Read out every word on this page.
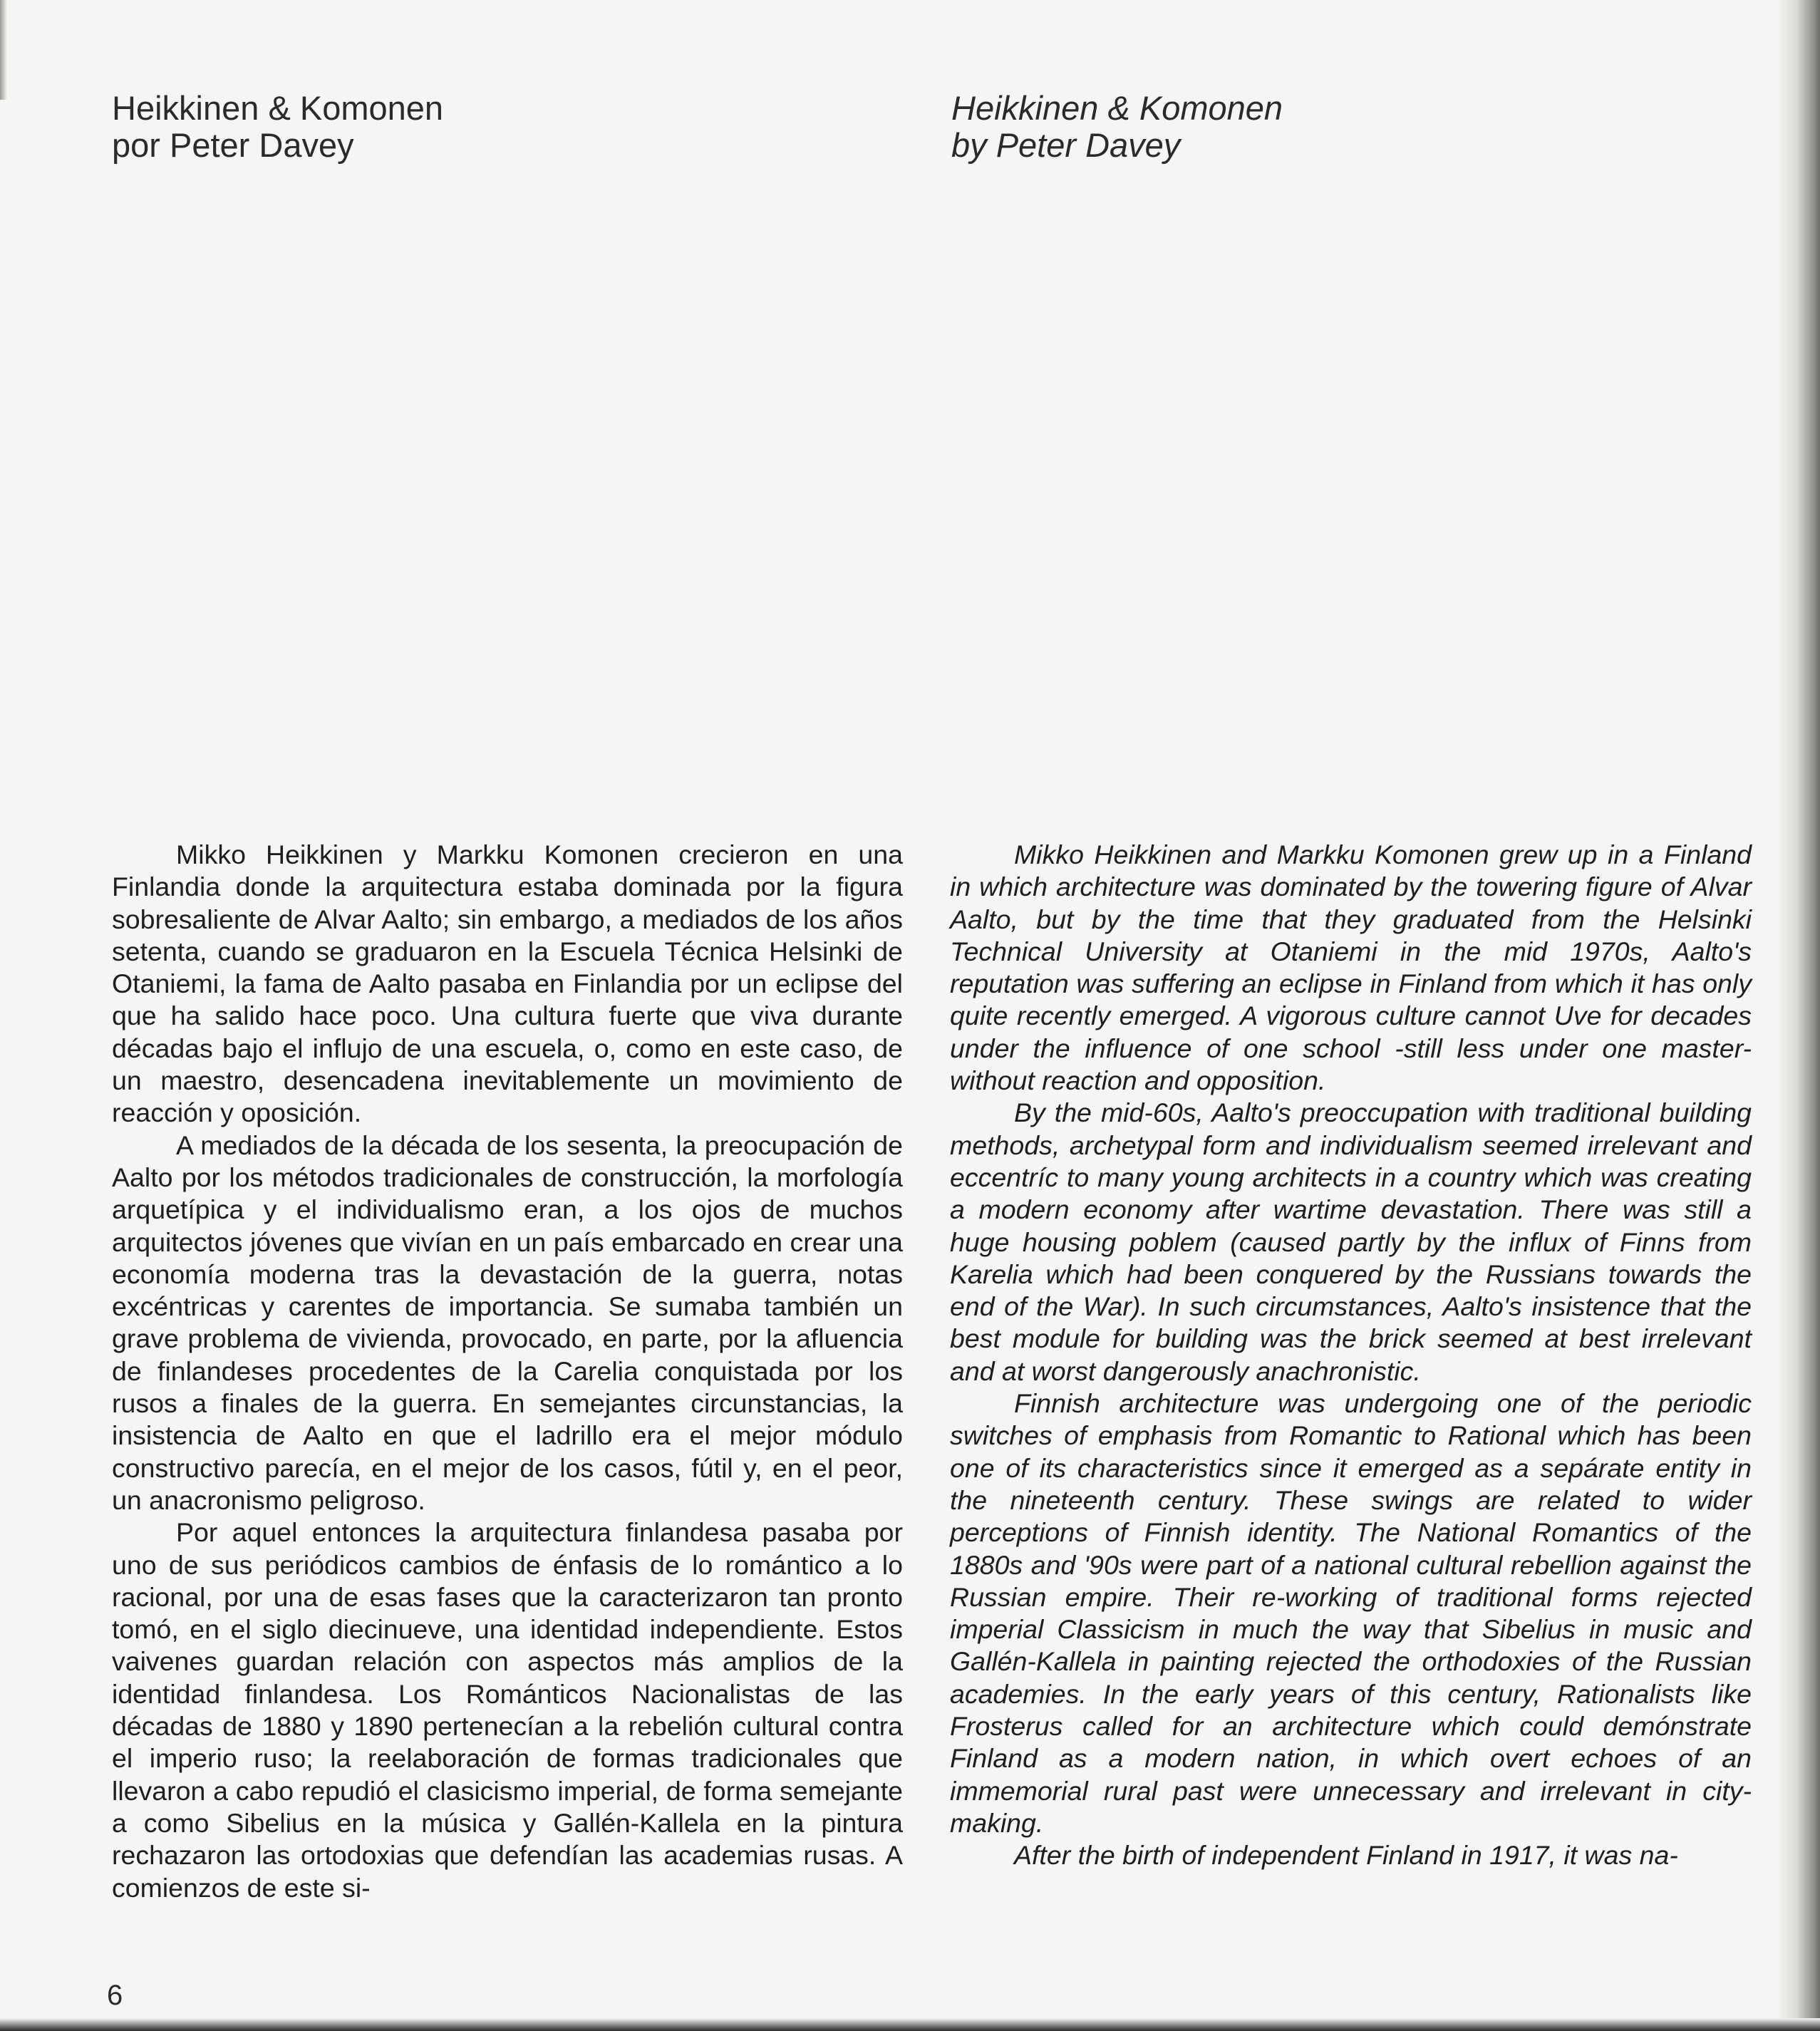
Heikkinen & Komonen
por Peter Davey
Heikkinen & Komonen
by Peter Davey

Mikko Heikkinen y Markku Komonen crecieron en una Finlandia donde la arquitectura estaba dominada por la figura sobresaliente de Alvar Aalto; sin embargo, a mediados de los años setenta, cuando se graduaron en la Escuela Técnica Helsinki de Otaniemi, la fama de Aalto pasaba en Finlandia por un eclipse del que ha salido hace poco. Una cultura fuerte que viva durante décadas bajo el influjo de una escuela, o, como en este caso, de un maestro, desencadena inevitablemente un movimiento de reacción y oposición.

A mediados de la década de los sesenta, la preocupación de Aalto por los métodos tradicionales de construcción, la morfología arquetípica y el individualismo eran, a los ojos de muchos arquitectos jóvenes que vivían en un país embarcado en crear una economía moderna tras la devastación de la guerra, notas excéntricas y carentes de importancia. Se sumaba también un grave problema de vivienda, provocado, en parte, por la afluencia de finlandeses procedentes de la Carelia conquistada por los rusos a finales de la guerra. En semejantes circunstancias, la insistencia de Aalto en que el ladrillo era el mejor módulo constructivo parecía, en el mejor de los casos, fútil y, en el peor, un anacronismo peligroso.

Por aquel entonces la arquitectura finlandesa pasaba por uno de sus periódicos cambios de énfasis de lo romántico a lo racional, por una de esas fases que la caracterizaron tan pronto tomó, en el siglo diecinueve, una identidad independiente. Estos vaivenes guardan relación con aspectos más amplios de la identidad finlandesa. Los Románticos Nacionalistas de las décadas de 1880 y 1890 pertenecían a la rebelión cultural contra el imperio ruso; la reelaboración de formas tradicionales que llevaron a cabo repudió el clasicismo imperial, de forma semejante a como Sibelius en la música y Gallén-Kallela en la pintura rechazaron las ortodoxias que defendían las academias rusas. A comienzos de este si-

Mikko Heikkinen and Markku Komonen grew up in a Finland in which architecture was dominated by the towering figure of Alvar Aalto, but by the time that they graduated from the Helsinki Technical University at Otaniemi in the mid 1970s, Aalto's reputation was suffering an eclipse in Finland from which it has only quite recently emerged. A vigorous culture cannot Uve for decades under the influence of one school -still less under one master- without reaction and opposition.

By the mid-60s, Aalto's preoccupation with traditional building methods, archetypal form and individualism seemed irrelevant and eccentríc to many young architects in a country which was creating a modern economy after wartime devastation. There was still a huge housing poblem (caused partly by the influx of Finns from Karelia which had been conquered by the Russians towards the end of the War). In such circumstances, Aalto's insistence that the best module for building was the brick seemed at best irrelevant and at worst dangerously anachronistic.

Finnish architecture was undergoing one of the periodic switches of emphasis from Romantic to Rational which has been one of its characteristics since it emerged as a sepárate entity in the nineteenth century. These swings are related to wider perceptions of Finnish identity. The National Romantics of the 1880s and '90s were part of a national cultural rebellion against the Russian empire. Their re-working of traditional forms rejected imperial Classicism in much the way that Sibelius in music and Gallén-Kallela in painting rejected the orthodoxies of the Russian academies. In the early years of this century, Rationalists like Frosterus called for an architecture which could demónstrate Finland as a modern nation, in which overt echoes of an immemorial rural past were unnecessary and irrelevant in city-making.

After the birth of independent Finland in 1917, it was na-

6
